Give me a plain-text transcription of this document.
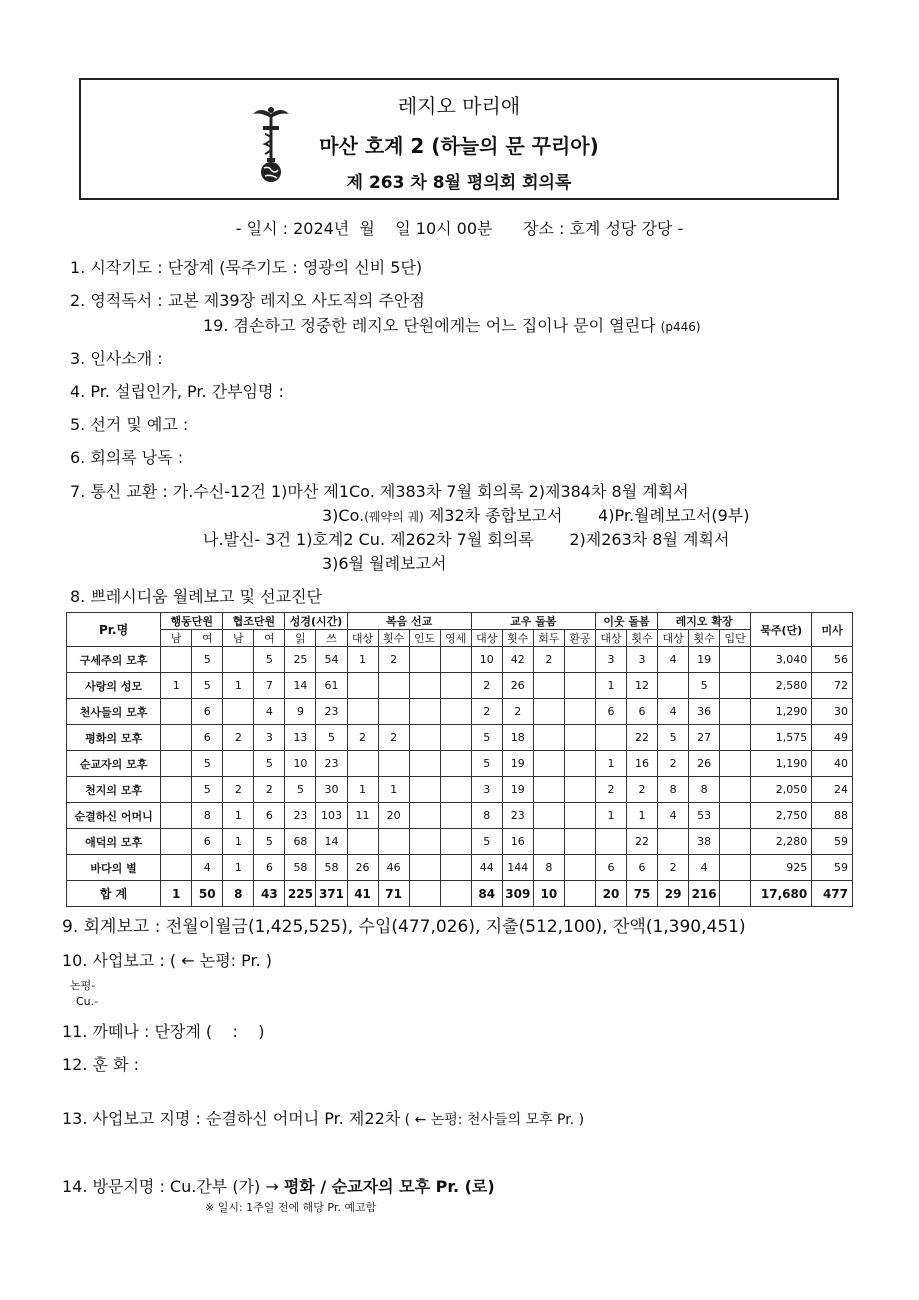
레지오 마리애
마산 호계 2 (하늘의 문 꾸리아)
제 263 차 8월 평의회 회의록
- 일시 : 2024년  월    일 10시 00분      장소 : 호계 성당 강당 -
1. 시작기도 : 단장계 (묵주기도 : 영광의 신비 5단)
2. 영적독서 : 교본 제39장 레지오 사도직의 주안점
19. 겸손하고 정중한 레지오 단원에게는 어느 집이나 문이 열린다 (p446)
3. 인사소개 :
4. Pr. 설립인가, Pr. 간부임명 :
5. 선거 및 예고 :
6. 회의록 낭독 :
7. 통신 교환 : 가.수신-12건 1)마산 제1Co. 제383차 7월 회의록 2)제384차 8월 계획서
3)Co.(꿰약의 궤) 제32차 종합보고서       4)Pr.월례보고서(9부)
나.발신- 3건 1)호계2 Cu. 제262차 7월 회의록       2)제263차 8월 계획서
3)6월 월례보고서
8. 쁘레시디움 월례보고 및 선교진단
Pr.명	행동단원		협조단원		성경(시간)		복음 선교				교우 돌봄				이웃 돌봄		레지오 확장			묵주(단)	미사
	남	여	남	여	읽	쓰	대상	횟수	인도	영세	대상	횟수	회두	환공	대상	횟수	대상	횟수	입단		
구세주의 모후		5		5	25	54	1	2			10	42	2		3	3	4	19		3,040	56
사랑의 성모	1	5	1	7	14	61					2	26			1	12		5		2,580	72
천사들의 모후		6		4	9	23					2	2			6	6	4	36		1,290	30
평화의 모후		6	2	3	13	5	2	2			5	18				22	5	27		1,575	49
순교자의 모후		5		5	10	23					5	19			1	16	2	26		1,190	40
천지의 모후		5	2	2	5	30	1	1			3	19			2	2	8	8		2,050	24
순결하신 어머니		8	1	6	23	103	11	20			8	23			1	1	4	53		2,750	88
애덕의 모후		6	1	5	68	14					5	16				22		38		2,280	59
바다의 별		4	1	6	58	58	26	46			44	144	8		6	6	2	4		925	59
합 계	1	50	8	43	225	371	41	71			84	309	10		20	75	29	216		17,680	477
9. 회계보고 : 전월이월금(1,425,525), 수입(477,026), 지출(512,100), 잔액(1,390,451)
10. 사업보고 : ( ← 논평: Pr. )
논평-
Cu.-
11. 까떼나 : 단장계 (    :    )
12. 훈 화 :
13. 사업보고 지명 : 순결하신 어머니 Pr. 제22차 ( ← 논평: 천사들의 모후 Pr. )
14. 방문지명 : Cu.간부 (가) → 평화 / 순교자의 모후 Pr. (로)
※ 일시: 1주일 전에 해당 Pr. 예고함
